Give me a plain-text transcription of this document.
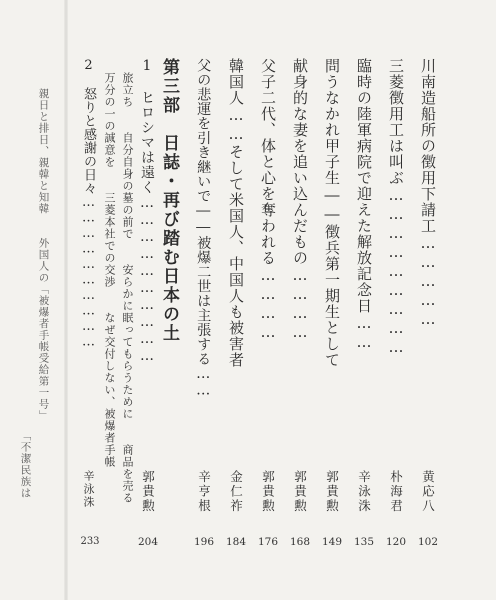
川南造船所の徴用下請工……………
黄応八
102
三菱徴用工は叫ぶ………………………
朴海君
120
臨時の陸軍病院で迎えた解放記念日……
辛泳洙
135
問うなかれ甲子生――徴兵第一期生として
郭貴勲
149
献身的な妻を追い込んだもの…………
郭貴勲
168
父子二代、体と心を奪われる…………
郭貴勲
176
韓国人……そして米国人、中国人も被害者
金仁祚
184
父の悲運を引き継いで――被爆二世は主張する……
辛亨根
196
第三部　日誌・再び踏む日本の土
1　ヒロシマは遠く…………………………
旅立ち　　自分自身の墓の前で　　安らかに眠ってもらうために　　商品を売る
万分の一の誠意を　　三菱本社での交渉　　なぜ交付しない、被爆者手帳
郭貴勲
204
2　怒りと感謝の日々…………………………
辛泳洙
233
親日と排日、親韓と知韓　　外国人の「被爆者手帳受給第一号」
「不潔民族は
